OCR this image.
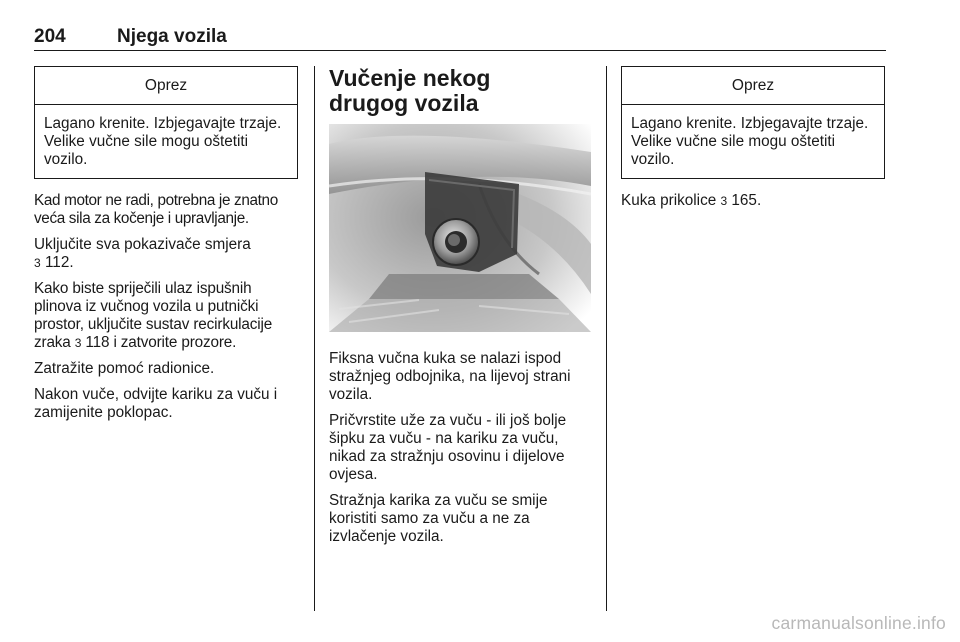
204	Njega vozila
Oprez
Lagano krenite. Izbjegavajte trzaje. Velike vučne sile mogu oštetiti vozilo.

Kad motor ne radi, potrebna je znatno veća sila za kočenje i upravljanje.

Uključite sva pokazivače smjera
3 112.

Kako biste spriječili ulaz ispušnih plinova iz vučnog vozila u putnički prostor, uključite sustav recirkulacije zraka 3 118 i zatvorite prozore.

Zatražite pomoć radionice.

Nakon vuče, odvijte kariku za vuču i zamijenite poklopac.

Vučenje nekog drugog vozila

Fiksna vučna kuka se nalazi ispod stražnjeg odbojnika, na lijevoj strani vozila.

Pričvrstite uže za vuču - ili još bolje šipku za vuču - na kariku za vuču, nikad za stražnju osovinu i dijelove ovjesa.

Stražnja karika za vuču se smije koristiti samo za vuču a ne za izvlačenje vozila.

Oprez
Lagano krenite. Izbjegavajte trzaje. Velike vučne sile mogu oštetiti vozilo.

Kuka prikolice 3 165.

carmanualsonline.info
